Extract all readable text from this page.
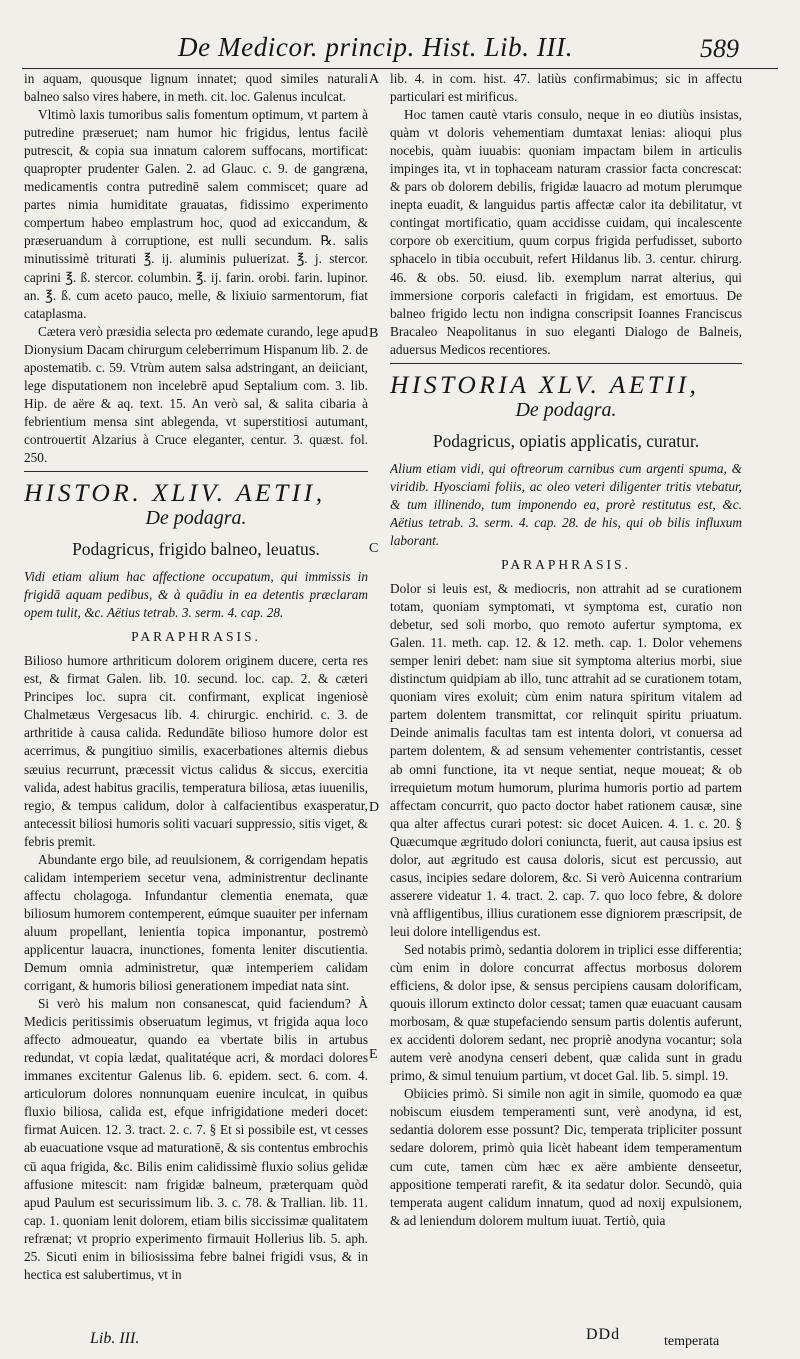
De Medicor. princip. Hist. Lib. III.	589
A
B
C
D
E

in aquam, quousque lignum innatet; quod similes naturali balneo salso vires habere, in meth. cit. loc. Galenus inculcat.

Vltimò laxis tumoribus salis fomentum optimum, vt partem à putredine præseruet; nam humor hic frigidus, lentus facilè putrescit, & copia sua innatum calorem suffocans, mortificat: quapropter prudenter Galen. 2. ad Glauc. c. 9. de gangræna, medicamentis contra putredinē salem commiscet; quare ad partes nimia humiditate grauatas, fidissimo experimento compertum habeo emplastrum hoc, quod ad exiccandum, & præseruandum à corruptione, est nulli secundum. ℞. salis minutissimè triturati ℥. ij. aluminis puluerizat. ℥. j. stercor. caprini ℥. ß. stercor. columbin. ℥. ij. farin. orobi. farin. lupinor. an. ℥. ß. cum aceto pauco, melle, & lixiuio sarmentorum, fiat cataplasma.

Cætera verò præsidia selecta pro œdemate curando, lege apud Dionysium Dacam chirurgum celeberrimum Hispanum lib. 2. de apostematib. c. 59. Vtrùm autem salsa adstringant, an deiiciant, lege disputationem non incelebrē apud Septalium com. 3. lib. Hip. de aëre & aq. text. 15. An verò sal, & salita cibaria à febrientium mensa sint ablegenda, vt superstitiosi autumant, controuertit Alzarius à Cruce eleganter, centur. 3. quæst. fol. 250.

HISTOR. XLIV. AETII,
De podagra.
Podagricus, frigido balneo, leuatus.

Vidi etiam alium hac affectione occupatum, qui immissis in frigidā aquam pedibus, & à quādiu in ea detentis præclaram opem tulit, &c. Aëtius tetrab. 3. serm. 4. cap. 28.

PARAPHRASIS.

Bilioso humore arthriticum dolorem originem ducere, certa res est, & firmat Galen. lib. 10. secund. loc. cap. 2. & cæteri Principes loc. supra cit. confirmant, explicat ingeniosè Chalmetæus Vergesacus lib. 4. chirurgic. enchirid. c. 3. de arthritide à causa calida. Redundāte bilioso humore dolor est acerrimus, & pungitiuo similis, exacerbationes alternis diebus sæuius recurrunt, præcessit victus calidus & siccus, exercitia valida, adest habitus gracilis, temperatura biliosa, ætas iuuenilis, regio, & tempus calidum, dolor à calfacientibus exasperatur, antecessit biliosi humoris soliti vacuari suppressio, sitis viget, & febris premit.

Abundante ergo bile, ad reuulsionem, & corrigendam hepatis calidam intemperiem secetur vena, administrentur declinante affectu cholagoga. Infundantur clementia enemata, quæ biliosum humorem contemperent, eúmque suauiter per infernam aluum propellant, lenientia topica imponantur, postremò applicentur lauacra, inunctiones, fomenta leniter discutientia. Demum omnia administretur, quæ intemperiem calidam corrigant, & humoris biliosi generationem impediat nata sint.

Si verò his malum non consanescat, quid faciendum? À Medicis peritissimis obseruatum legimus, vt frigida aqua loco affecto admoueatur, quando ea vbertate bilis in artubus redundat, vt copia lædat, qualitatéque acri, & mordaci dolores immanes excitentur Galenus lib. 6. epidem. sect. 6. com. 4. articulorum dolores nonnunquam euenire inculcat, in quibus fluxio biliosa, calida est, efque infrigidatione mederi docet: firmat Auicen. 12. 3. tract. 2. c. 7. § Et si possibile est, vt cesses ab euacuatione vsque ad maturationē, & sis contentus embrochis cū aqua frigida, &c. Bilis enim calidissimè fluxio solius gelidæ affusione mitescit: nam frigidæ balneum, præterquam quòd apud Paulum est securissimum lib. 3. c. 78. & Trallian. lib. 11. cap. 1. quoniam lenit dolorem, etiam bilis siccissimæ qualitatem refrænat; vt proprio experimento firmauit Hollerius lib. 5. aph. 25. Sicuti enim in biliosissima febre balnei frigidi vsus, & in hectica est salubertimus, vt in

lib. 4. in com. hist. 47. latiùs confirmabimus; sic in affectu particulari est mirificus.

Hoc tamen cautè vtaris consulo, neque in eo diutiùs insistas, quàm vt doloris vehementiam dumtaxat lenias: alioqui plus nocebis, quàm iuuabis: quoniam impactam bilem in articulis impinges ita, vt in tophaceam naturam crassior facta concrescat: & pars ob dolorem debilis, frigidæ lauacro ad motum plerumque inepta euadit, & languidus partis affectæ calor ita debilitatur, vt contingat mortificatio, quam accidisse cuidam, qui incalescente corpore ob exercitium, quum corpus frigida perfudisset, suborto sphacelo in tibia occubuit, refert Hildanus lib. 3. centur. chirurg. 46. & obs. 50. eiusd. lib. exemplum narrat alterius, qui immersione corporis calefacti in frigidam, est emortuus. De balneo frigido lectu non indigna conscripsit Ioannes Franciscus Bracaleo Neapolitanus in suo eleganti Dialogo de Balneis, aduersus Medicos recentiores.

HISTORIA XLV. AETII,
De podagra.
Podagricus, opiatis applicatis, curatur.

Alium etiam vidi, qui oftreorum carnibus cum argenti spuma, & viridib. Hyosciami foliis, ac oleo veteri diligenter tritis vtebatur, & tum illinendo, tum imponendo ea, prorè restitutus est, &c. Aëtius tetrab. 3. serm. 4. cap. 28. de his, qui ob bilis influxum laborant.

PARAPHRASIS.

Dolor si leuis est, & mediocris, non attrahit ad se curationem totam, quoniam symptomati, vt symptoma est, curatio non debetur, sed soli morbo, quo remoto aufertur symptoma, ex Galen. 11. meth. cap. 12. & 12. meth. cap. 1. Dolor vehemens semper leniri debet: nam siue sit symptoma alterius morbi, siue distinctum quidpiam ab illo, tunc attrahit ad se curationem totam, quoniam vires exoluit; cùm enim natura spiritum vitalem ad partem dolentem transmittat, cor relinquit spiritu priuatum. Deinde animalis facultas tam est intenta dolori, vt conuersa ad partem dolentem, & ad sensum vehementer contristantis, cesset ab omni functione, ita vt neque sentiat, neque moueat; & ob irrequietum motum humorum, plurima humoris portio ad partem affectam concurrit, quo pacto doctor habet rationem causæ, sine qua alter affectus curari potest: sic docet Auicen. 4. 1. c. 20. § Quæcumque ægritudo dolori coniuncta, fuerit, aut causa ipsius est dolor, aut ægritudo est causa doloris, sicut est percussio, aut casus, incipies sedare dolorem, &c. Si verò Auicenna contrarium asserere videatur 1. 4. tract. 2. cap. 7. quo loco febre, & dolore vnà affligentibus, illius curationem esse digniorem præscripsit, de leui dolore intelligendus est.

Sed notabis primò, sedantia dolorem in triplici esse differentia; cùm enim in dolore concurrat affectus morbosus dolorem efficiens, & dolor ipse, & sensus percipiens causam dolorificam, quouis illorum extincto dolor cessat; tamen quæ euacuant causam morbosam, & quæ stupefaciendo sensum partis dolentis auferunt, ex accidenti dolorem sedant, nec propriè anodyna vocantur; sola autem verè anodyna censeri debent, quæ calida sunt in gradu primo, & simul tenuium partium, vt docet Gal. lib. 5. simpl. 19.

Obiicies primò. Si simile non agit in simile, quomodo ea quæ nobiscum eiusdem temperamenti sunt, verè anodyna, id est, sedantia dolorem esse possunt? Dic, temperata tripliciter possunt sedare dolorem, primò quia licèt habeant idem temperamentum cum cute, tamen cùm hæc ex aëre ambiente denseetur, appositione temperati rarefit, & ita sedatur dolor. Secundò, quia temperata augent calidum innatum, quod ad noxij expulsionem, & ad leniendum dolorem multum iuuat. Tertiò, quia

Lib. III.	DDd	temperata
